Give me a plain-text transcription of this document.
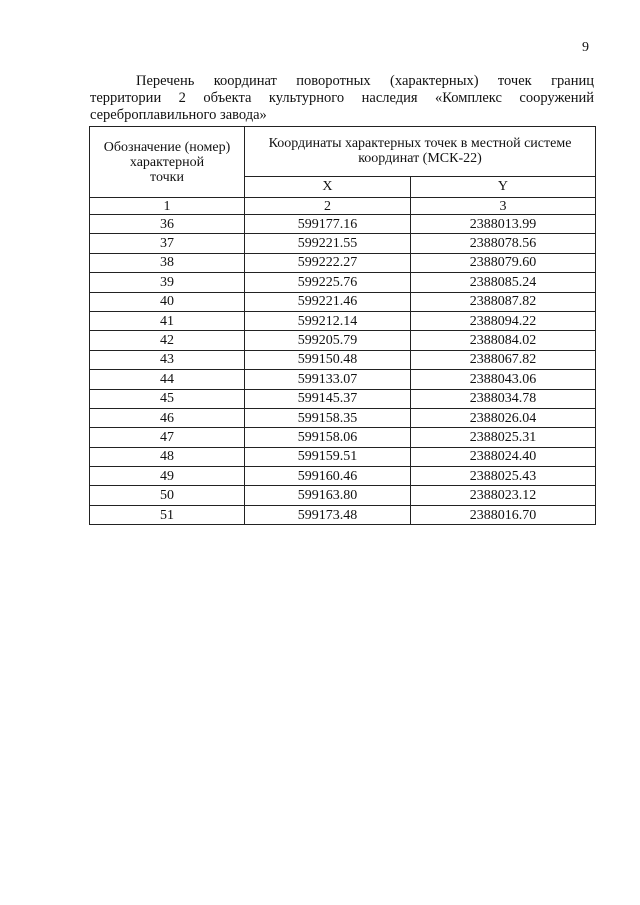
9
Перечень координат поворотных (характерных) точек границ
территории 2 объекта культурного наследия «Комплекс сооружений
сереброплавильного завода»
Обозначение (номер)
характерной
точки	Координаты характерных точек в местной системе
координат (МСК-22)	

	X	Y
1	2	3
36	599177.16	2388013.99
37	599221.55	2388078.56
38	599222.27	2388079.60
39	599225.76	2388085.24
40	599221.46	2388087.82
41	599212.14	2388094.22
42	599205.79	2388084.02
43	599150.48	2388067.82
44	599133.07	2388043.06
45	599145.37	2388034.78
46	599158.35	2388026.04
47	599158.06	2388025.31
48	599159.51	2388024.40
49	599160.46	2388025.43
50	599163.80	2388023.12
51	599173.48	2388016.70
